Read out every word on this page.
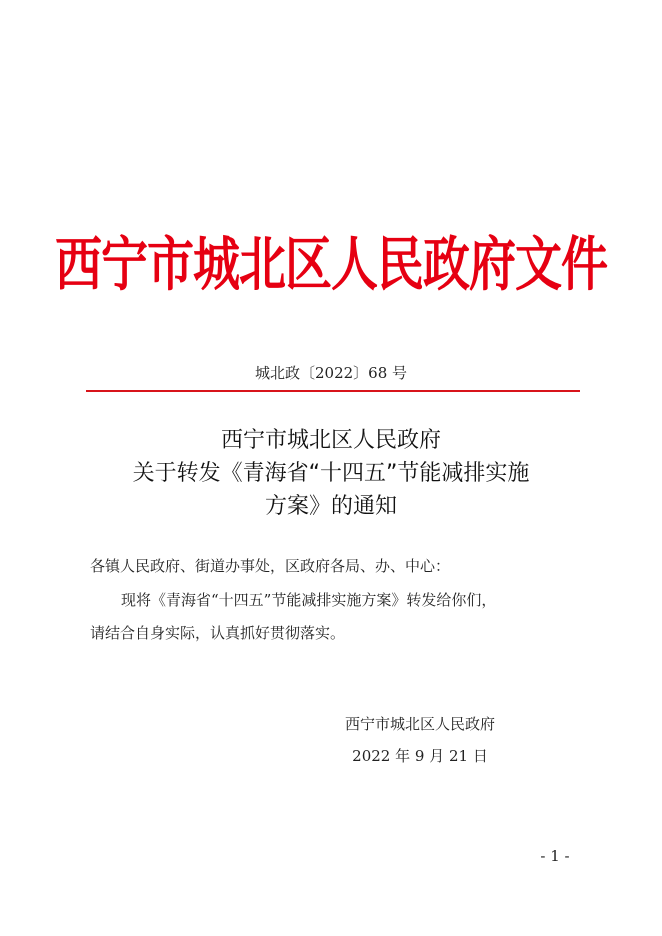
西宁市城北区人民政府文件
城北政〔2022〕68 号
西宁市城北区人民政府
关于转发《青海省“十四五”节能减排实施
方案》的通知
各镇人民政府、街道办事处，区政府各局、办、中心：
现将《青海省“十四五”节能减排实施方案》转发给你们，
请结合自身实际，认真抓好贯彻落实。
西宁市城北区人民政府
2022 年 9 月 21 日
- 1 -
